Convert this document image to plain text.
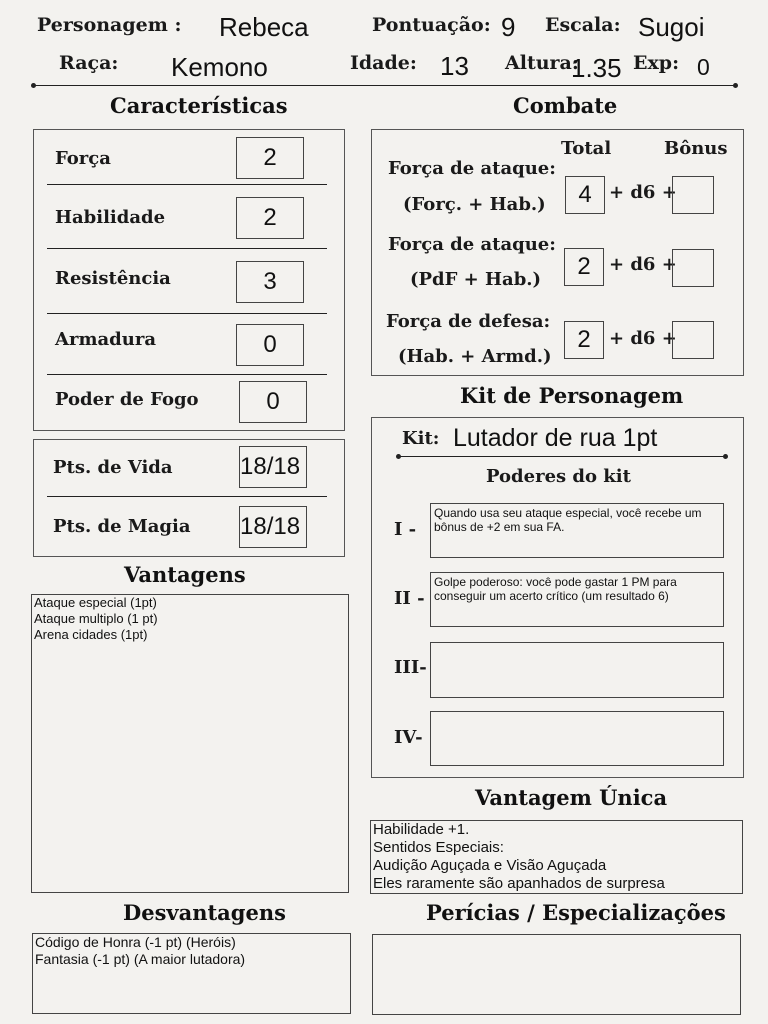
Personagem : Rebeca	Pontuação: 9 Escala: Sugoi
Raça: Kemono	Idade: 13 Altura:
1.35 Exp: 0
Características
Força	2
Habilidade	2
Resistência	3
Armadura	0
Poder de Fogo	0
Pts. de Vida	18/18
Pts. de Magia 18/18
Vantagens
Ataque especial (1pt)
Ataque multiplo (1 pt)
Arena cidades (1pt)
Desvantagens
Código de Honra (-1 pt) (Heróis)
Fantasia (-1 pt) (A maior lutadora)
Combate
Total	Bônus
Força de ataque:
(Forç. + Hab.)	4 + d6 +
Força de ataque:
(PdF + Hab.)	2	+ d6 +
Força de defesa:
(Hab. + Armd.)
2	+ d6 +
Kit de Personagem
Kit: Lutador de rua 1pt
Poderes do kit
I -
Quando usa seu ataque especial, você recebe um bônus de +2 em sua FA.
II -
Golpe poderoso: você pode gastar 1 PM para conseguir um acerto crítico (um resultado 6)
III-
IV-
Vantagem Única
Habilidade +1.
Sentidos Especiais:
Audição Aguçada e Visão Aguçada
Eles raramente são apanhados de surpresa
Perícias / Especializações
